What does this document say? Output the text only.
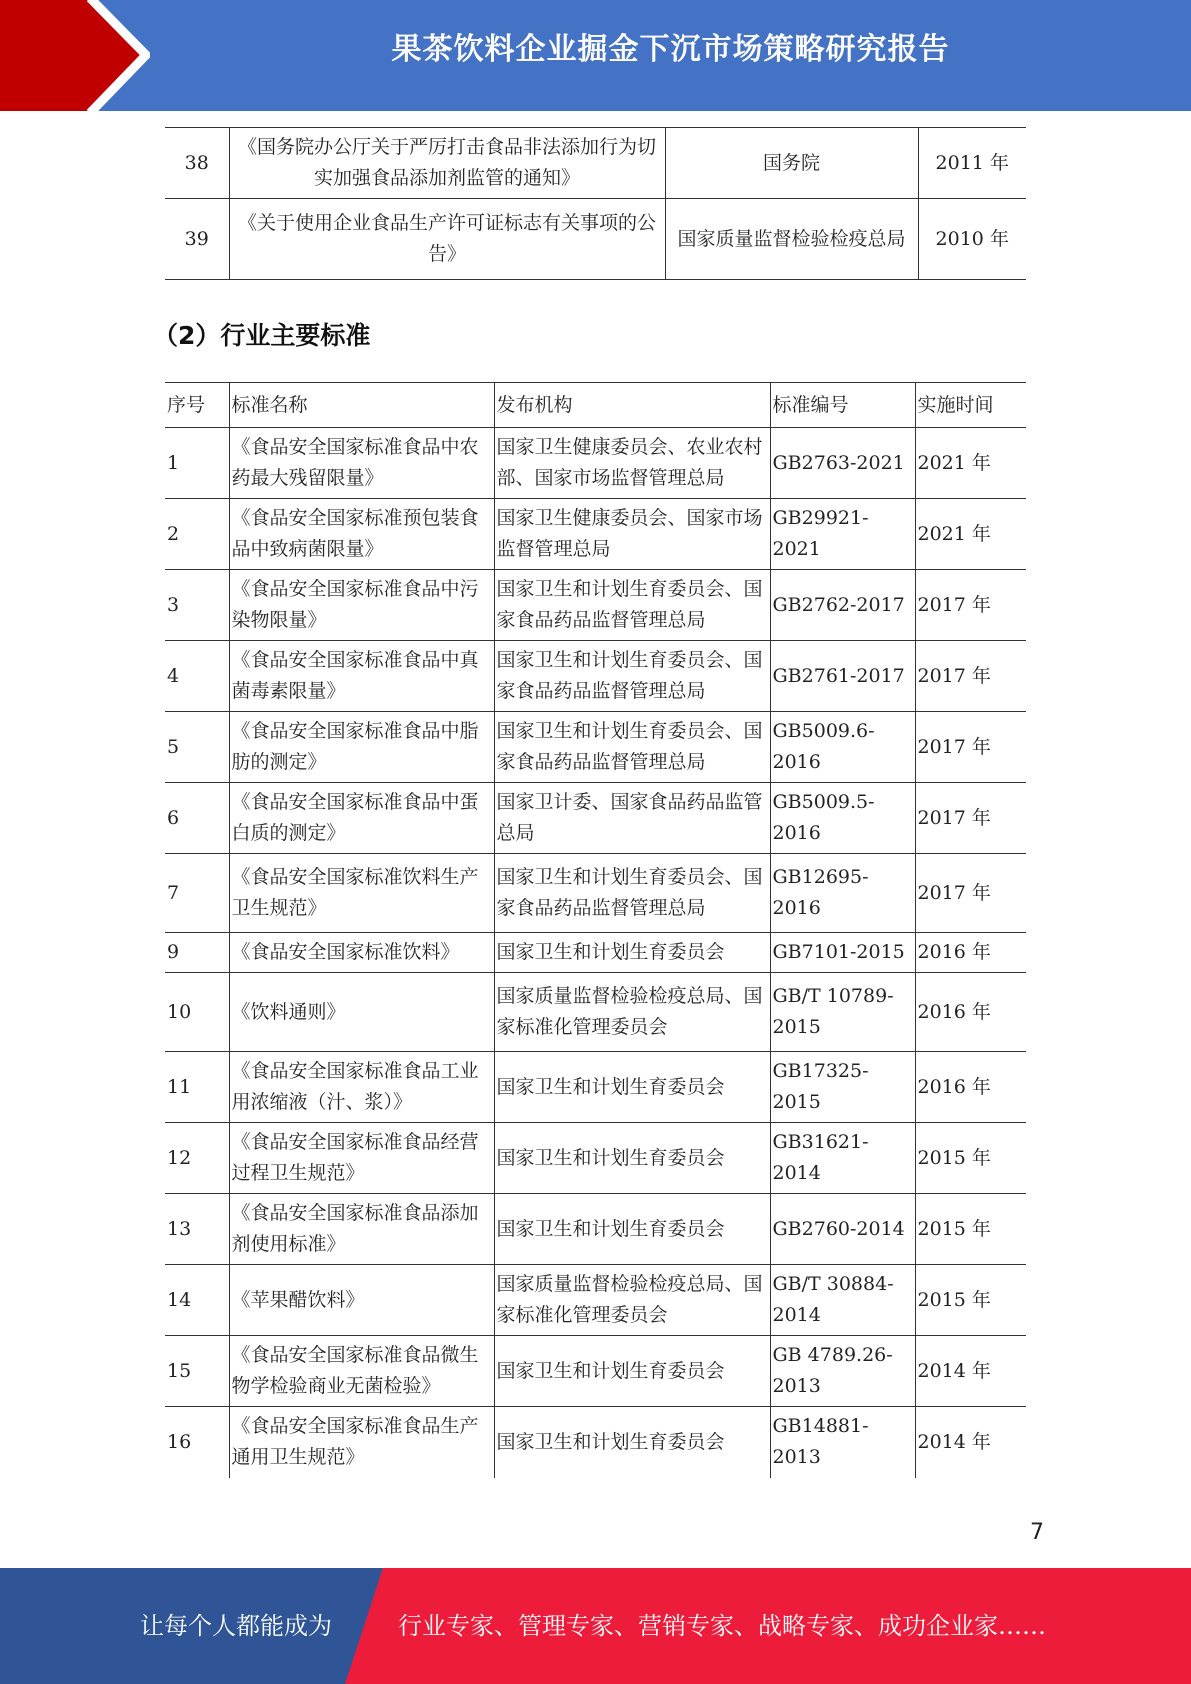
果茶饮料企业掘金下沉市场策略研究报告
38	《国务院办公厅关于严厉打击食品非法添加行为切实加强食品添加剂监管的通知》	国务院	2011 年
39	《关于使用企业食品生产许可证标志有关事项的公告》	国家质量监督检验检疫总局	2010 年
（2）行业主要标准
序号	标准名称	发布机构	标准编号	实施时间
1	《食品安全国家标准食品中农药最大残留限量》	国家卫生健康委员会、农业农村部、国家市场监督管理总局	GB2763-2021	2021 年
2	《食品安全国家标准预包装食品中致病菌限量》	国家卫生健康委员会、国家市场监督管理总局	GB29921-2021	2021 年
3	《食品安全国家标准食品中污染物限量》	国家卫生和计划生育委员会、国家食品药品监督管理总局	GB2762-2017	2017 年
4	《食品安全国家标准食品中真菌毒素限量》	国家卫生和计划生育委员会、国家食品药品监督管理总局	GB2761-2017	2017 年
5	《食品安全国家标准食品中脂肪的测定》	国家卫生和计划生育委员会、国家食品药品监督管理总局	GB5009.6-2016	2017 年
6	《食品安全国家标准食品中蛋白质的测定》	国家卫计委、国家食品药品监管总局	GB5009.5-2016	2017 年
7	《食品安全国家标准饮料生产卫生规范》	国家卫生和计划生育委员会、国家食品药品监督管理总局	GB12695-2016	2017 年
9	《食品安全国家标准饮料》	国家卫生和计划生育委员会	GB7101-2015	2016 年
10	《饮料通则》	国家质量监督检验检疫总局、国家标准化管理委员会	GB/T 10789-2015	2016 年
11	《食品安全国家标准食品工业用浓缩液（汁、浆）》	国家卫生和计划生育委员会	GB17325-2015	2016 年
12	《食品安全国家标准食品经营过程卫生规范》	国家卫生和计划生育委员会	GB31621-2014	2015 年
13	《食品安全国家标准食品添加剂使用标准》	国家卫生和计划生育委员会	GB2760-2014	2015 年
14	《苹果醋饮料》	国家质量监督检验检疫总局、国家标准化管理委员会	GB/T 30884-2014	2015 年
15	《食品安全国家标准食品微生物学检验商业无菌检验》	国家卫生和计划生育委员会	GB 4789.26-2013	2014 年
16	《食品安全国家标准食品生产通用卫生规范》	国家卫生和计划生育委员会	GB14881-2013	2014 年
7
让每个人都能成为	行业专家、管理专家、营销专家、战略专家、成功企业家……
